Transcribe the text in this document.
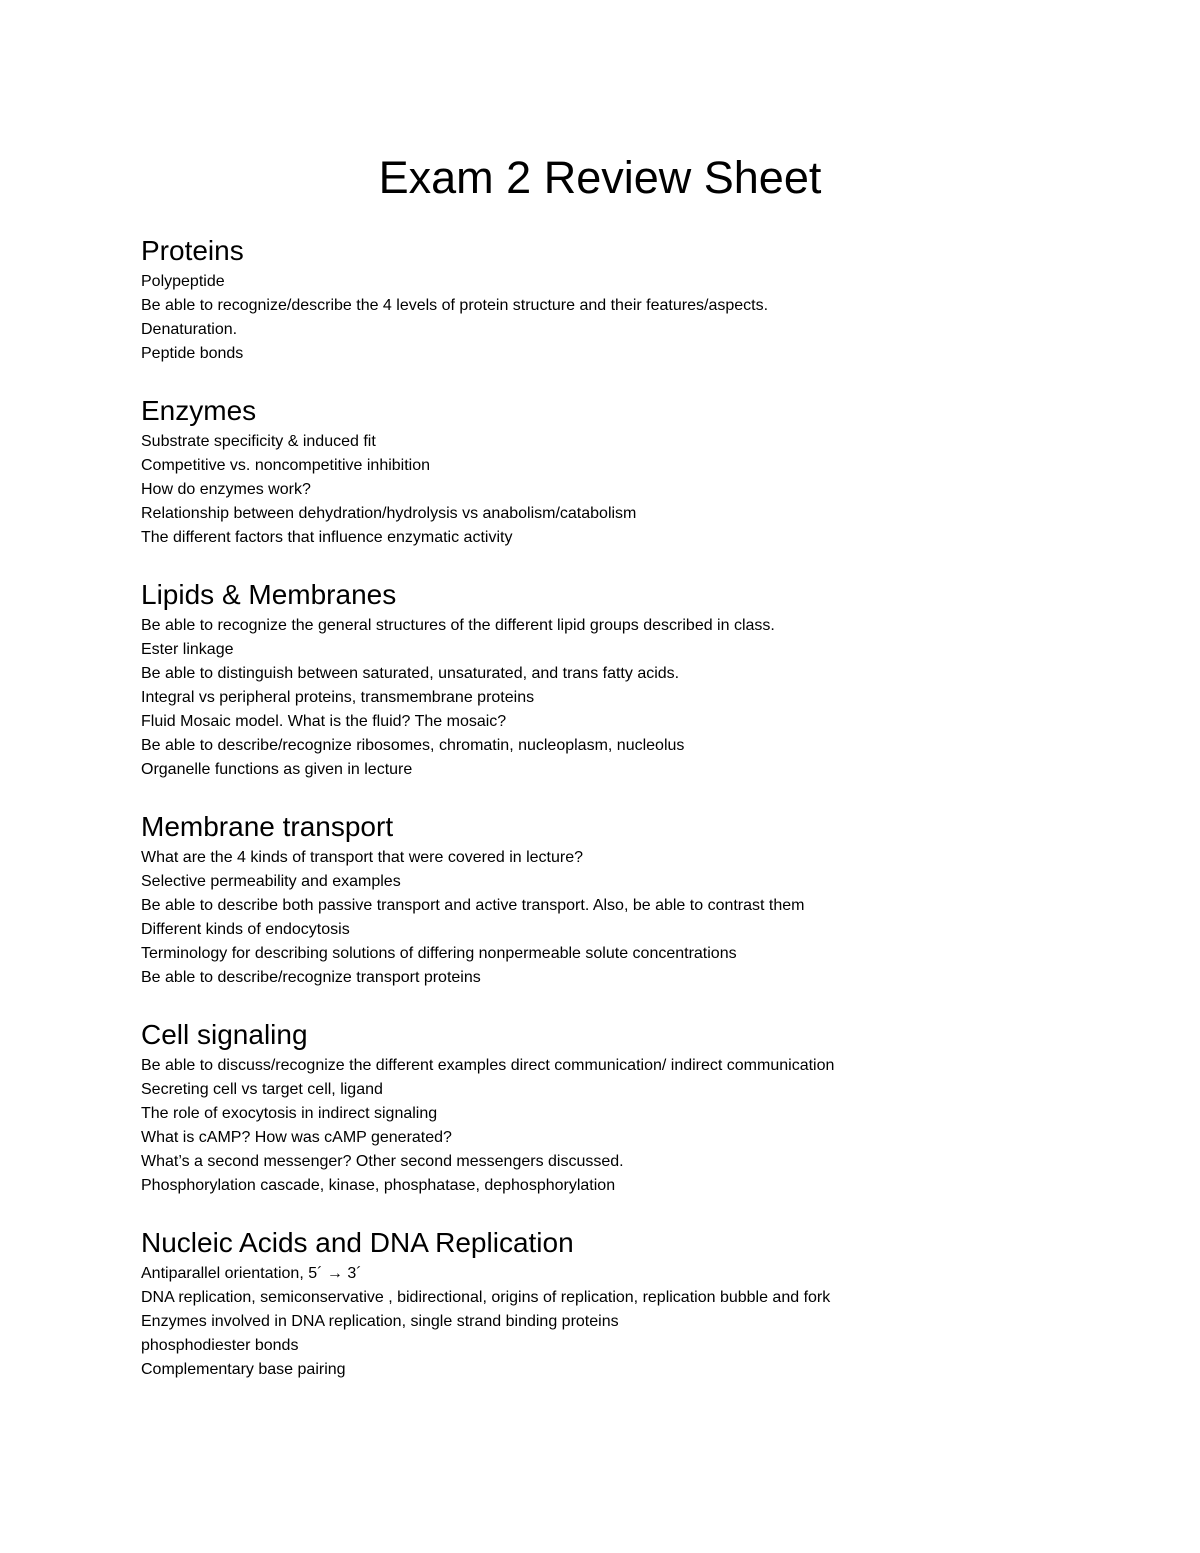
Exam 2 Review Sheet
Proteins
Polypeptide
Be able to recognize/describe the 4 levels of protein structure and their features/aspects.
Denaturation.
Peptide bonds
Enzymes
Substrate specificity & induced fit
Competitive vs. noncompetitive inhibition
How do enzymes work?
Relationship between dehydration/hydrolysis vs anabolism/catabolism
The different factors that influence enzymatic activity
Lipids & Membranes
Be able to recognize the general structures of the different lipid groups described in class.
Ester linkage
Be able to distinguish between saturated, unsaturated, and trans fatty acids.
Integral vs peripheral proteins, transmembrane proteins
Fluid Mosaic model. What is the fluid? The mosaic?
Be able to describe/recognize ribosomes, chromatin, nucleoplasm, nucleolus
Organelle functions as given in lecture
Membrane transport
What are the 4 kinds of transport that were covered in lecture?
Selective permeability and examples
Be able to describe both passive transport and active transport. Also, be able to contrast them
Different kinds of endocytosis
Terminology for describing solutions of differing nonpermeable solute concentrations
Be able to describe/recognize transport proteins
Cell signaling
Be able to discuss/recognize the different examples direct communication/ indirect communication
Secreting cell vs target cell, ligand
The role of exocytosis in indirect signaling
What is cAMP? How was cAMP generated?
What’s a second messenger? Other second messengers discussed.
Phosphorylation cascade, kinase, phosphatase, dephosphorylation
Nucleic Acids and DNA Replication
Antiparallel orientation, 5´ → 3´
DNA replication, semiconservative , bidirectional, origins of replication, replication bubble and fork
Enzymes involved in DNA replication, single strand binding proteins
phosphodiester bonds
Complementary base pairing
